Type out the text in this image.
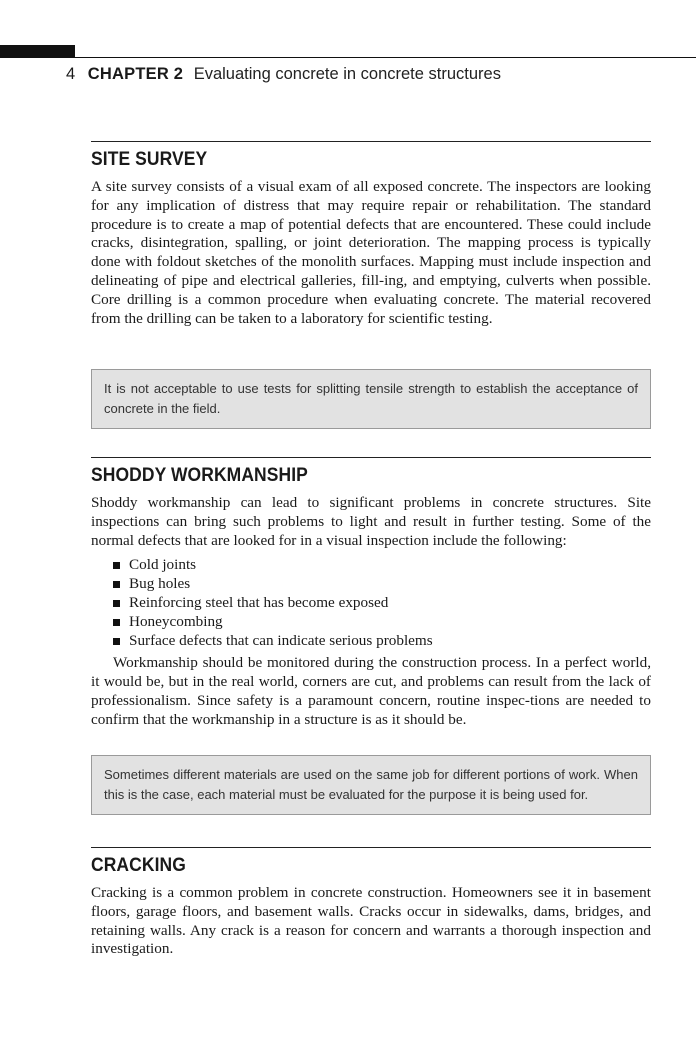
4 CHAPTER 2 Evaluating concrete in concrete structures
SITE SURVEY

A site survey consists of a visual exam of all exposed concrete. The inspectors are looking for any implication of distress that may require repair or rehabilitation. The standard procedure is to create a map of potential defects that are encountered. These could include cracks, disintegration, spalling, or joint deterioration. The mapping process is typically done with foldout sketches of the monolith surfaces. Mapping must include inspection and delineating of pipe and electrical galleries, fill-ing, and emptying, culverts when possible. Core drilling is a common procedure when evaluating concrete. The material recovered from the drilling can be taken to a laboratory for scientific testing.

It is not acceptable to use tests for splitting tensile strength to establish the acceptance of concrete in the field.
SHODDY WORKMANSHIP

Shoddy workmanship can lead to significant problems in concrete structures. Site inspections can bring such problems to light and result in further testing. Some of the normal defects that are looked for in a visual inspection include the following:

Cold joints
Bug holes
Reinforcing steel that has become exposed
Honeycombing
Surface defects that can indicate serious problems

Workmanship should be monitored during the construction process. In a perfect world, it would be, but in the real world, corners are cut, and problems can result from the lack of professionalism. Since safety is a paramount concern, routine inspec-tions are needed to confirm that the workmanship in a structure is as it should be.

Sometimes different materials are used on the same job for different portions of work. When this is the case, each material must be evaluated for the purpose it is being used for.
CRACKING

Cracking is a common problem in concrete construction. Homeowners see it in basement floors, garage floors, and basement walls. Cracks occur in sidewalks, dams, bridges, and retaining walls. Any crack is a reason for concern and warrants a thorough inspection and investigation.
